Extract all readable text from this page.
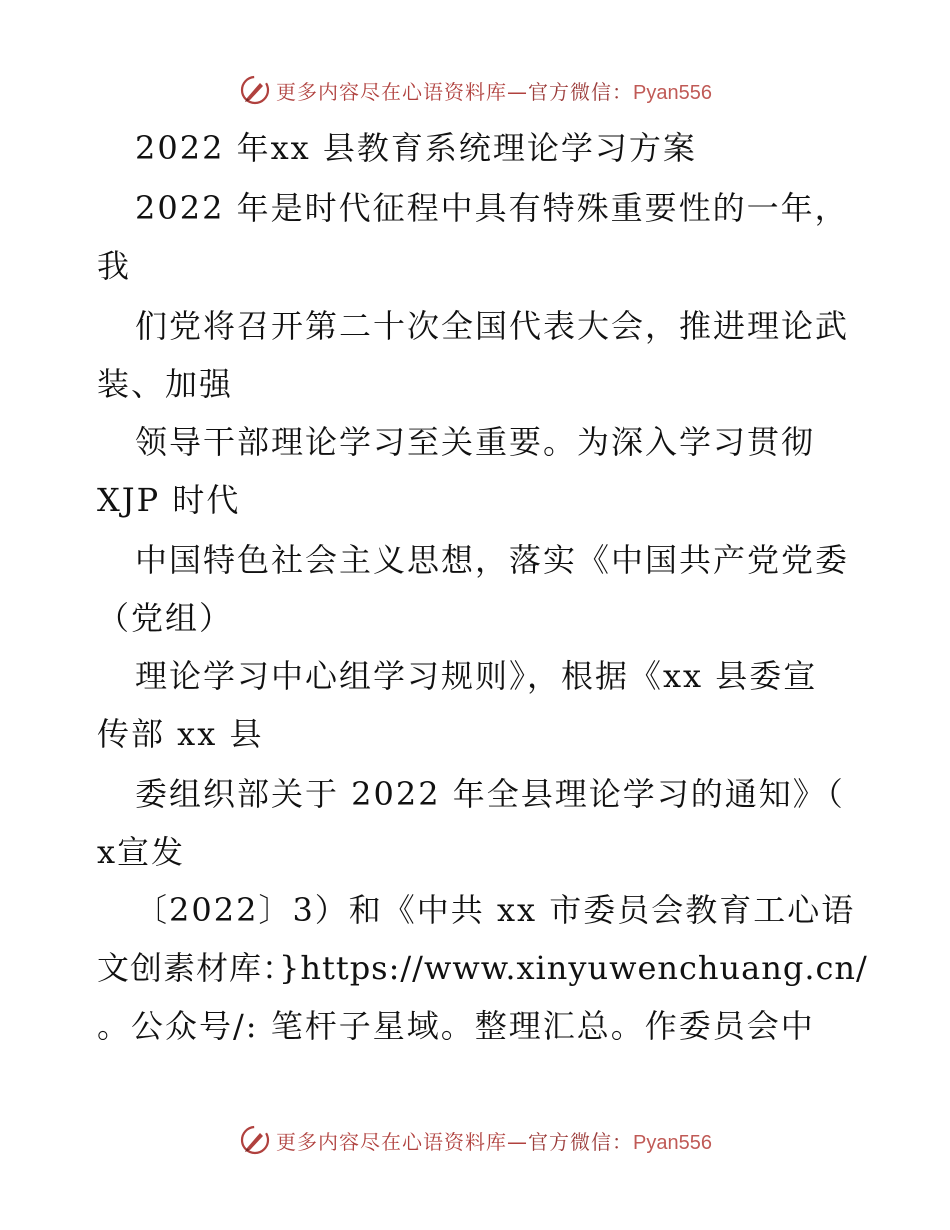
更多内容尽在心语资料库—官方微信：Pyan556
2022 年xx 县教育系统理论学习方案
2022 年是时代征程中具有特殊重要性的一年，
我
们党将召开第二十次全国代表大会，推进理论武
装、加强
领导干部理论学习至关重要。为深入学习贯彻
XJP 时代
中国特色社会主义思想，落实《中国共产党党委
（党组）
理论学习中心组学习规则》，根据《xx 县委宣
传部 xx 县
委组织部关于 2022 年全县理论学习的通知》（
x宣发
〔2022〕3）和《中共 xx 市委员会教育工心语
文创素材库：}https://www.xinyuwenchuang.cn/
。公众号/: 笔杆子星域。整理汇总。作委员会中
更多内容尽在心语资料库—官方微信：Pyan556
